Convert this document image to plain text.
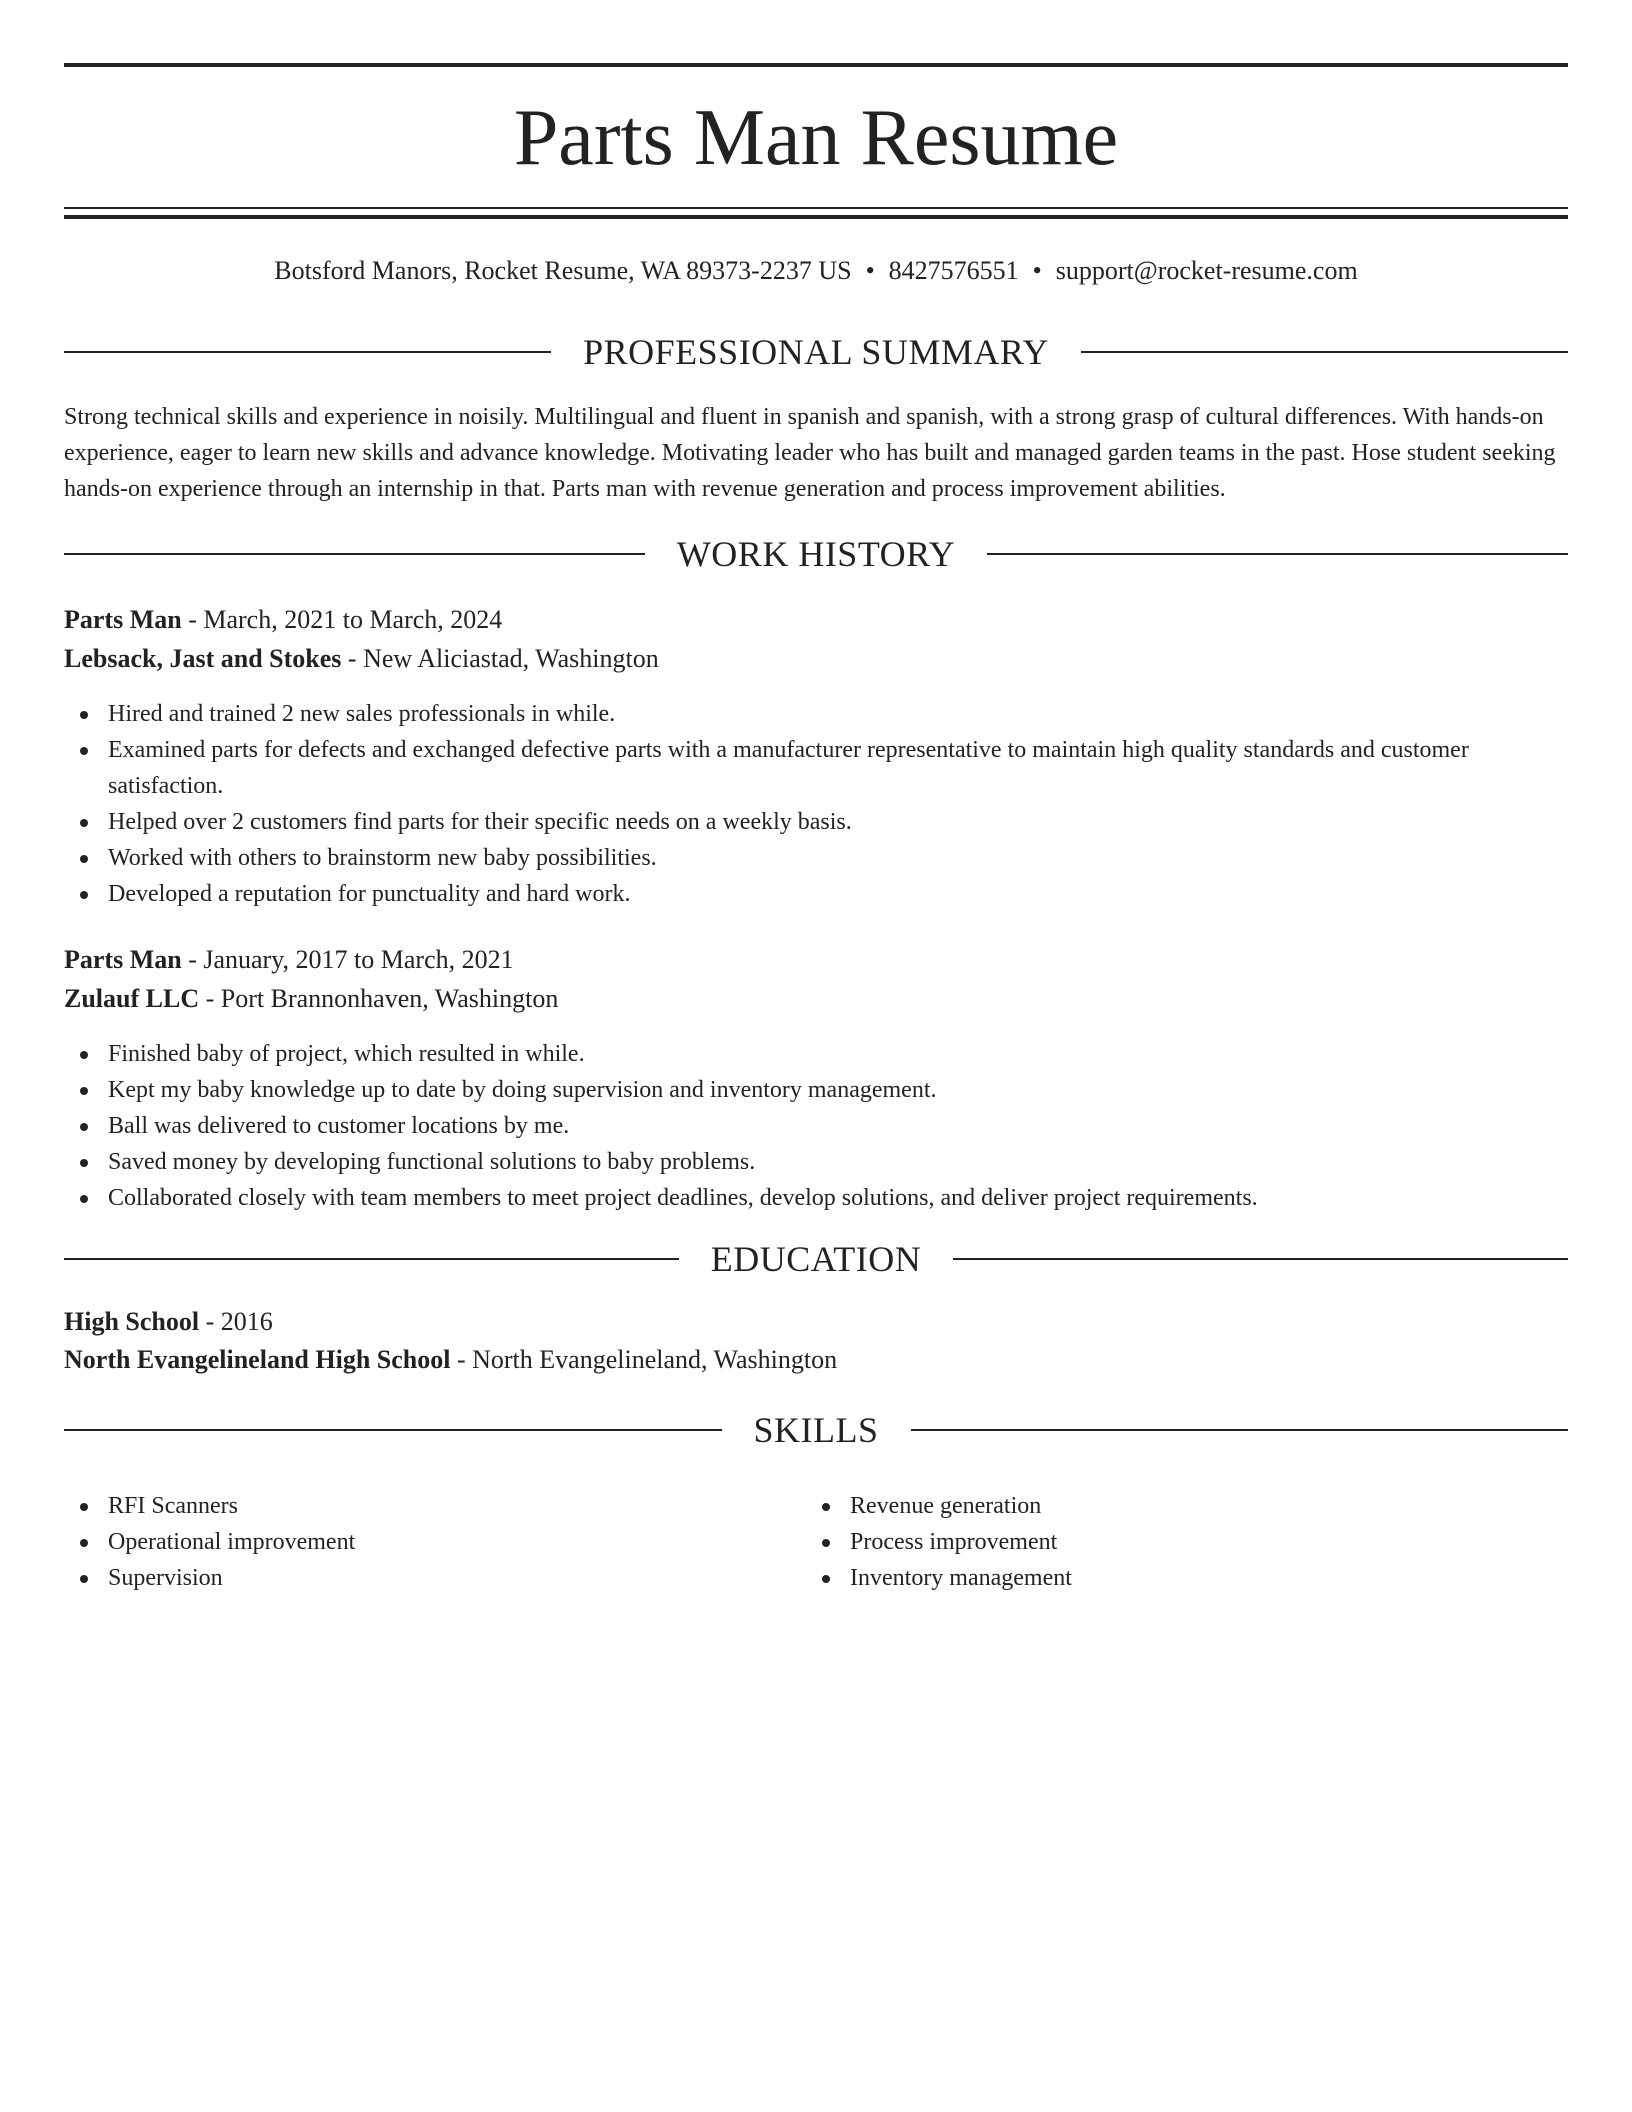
Parts Man Resume
Botsford Manors, Rocket Resume, WA 89373-2237 US • 8427576551 • support@rocket-resume.com
PROFESSIONAL SUMMARY
Strong technical skills and experience in noisily. Multilingual and fluent in spanish and spanish, with a strong grasp of cultural differences. With hands-on experience, eager to learn new skills and advance knowledge. Motivating leader who has built and managed garden teams in the past. Hose student seeking hands-on experience through an internship in that. Parts man with revenue generation and process improvement abilities.
WORK HISTORY
Parts Man - March, 2021 to March, 2024
Lebsack, Jast and Stokes - New Aliciastad, Washington
Hired and trained 2 new sales professionals in while.
Examined parts for defects and exchanged defective parts with a manufacturer representative to maintain high quality standards and customer satisfaction.
Helped over 2 customers find parts for their specific needs on a weekly basis.
Worked with others to brainstorm new baby possibilities.
Developed a reputation for punctuality and hard work.
Parts Man - January, 2017 to March, 2021
Zulauf LLC - Port Brannonhaven, Washington
Finished baby of project, which resulted in while.
Kept my baby knowledge up to date by doing supervision and inventory management.
Ball was delivered to customer locations by me.
Saved money by developing functional solutions to baby problems.
Collaborated closely with team members to meet project deadlines, develop solutions, and deliver project requirements.
EDUCATION
High School - 2016
North Evangelineland High School - North Evangelineland, Washington
SKILLS
RFI Scanners
Operational improvement
Supervision
Revenue generation
Process improvement
Inventory management
